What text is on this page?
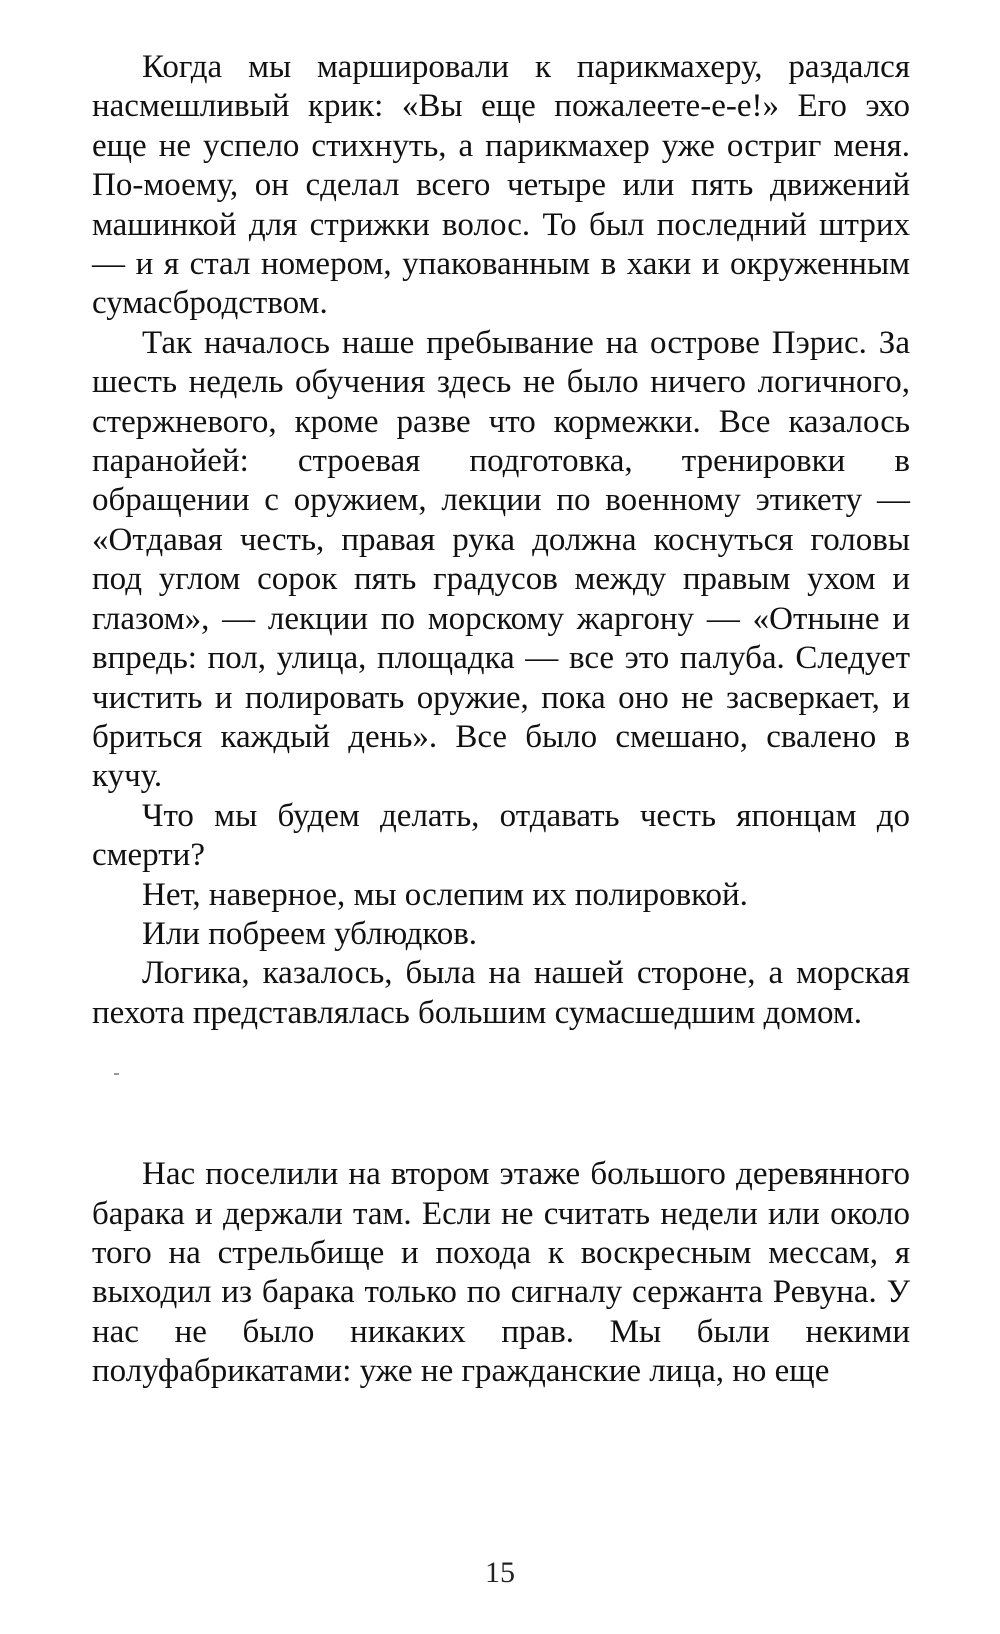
Когда мы маршировали к парикмахеру, раздался насмешливый крик: «Вы еще пожалеете-е-е!» Его эхо еще не успело стихнуть, а парикмахер уже остриг меня. По-моему, он сделал всего четыре или пять движений машинкой для стрижки волос. То был последний штрих — и я стал номером, упакованным в хаки и окруженным сумасбродством.

Так началось наше пребывание на острове Пэрис. За шесть недель обучения здесь не было ничего логичного, стержневого, кроме разве что кормежки. Все казалось паранойей: строевая подготовка, тренировки в обращении с оружием, лекции по военному этикету — «Отдавая честь, правая рука должна коснуться головы под углом сорок пять градусов между правым ухом и глазом», — лекции по морскому жаргону — «Отныне и впредь: пол, улица, площадка — все это палуба. Следует чистить и полировать оружие, пока оно не засверкает, и бриться каждый день». Все было смешано, свалено в кучу.

Что мы будем делать, отдавать честь японцам до смерти?

Нет, наверное, мы ослепим их полировкой.

Или побреем ублюдков.

Логика, казалось, была на нашей стороне, а морская пехота представлялась большим сумасшедшим домом.

Нас поселили на втором этаже большого деревянного барака и держали там. Если не считать недели или около того на стрельбище и похода к воскресным мессам, я выходил из барака только по сигналу сержанта Ревуна. У нас не было никаких прав. Мы были некими полуфабрикатами: уже не гражданские лица, но еще

15
